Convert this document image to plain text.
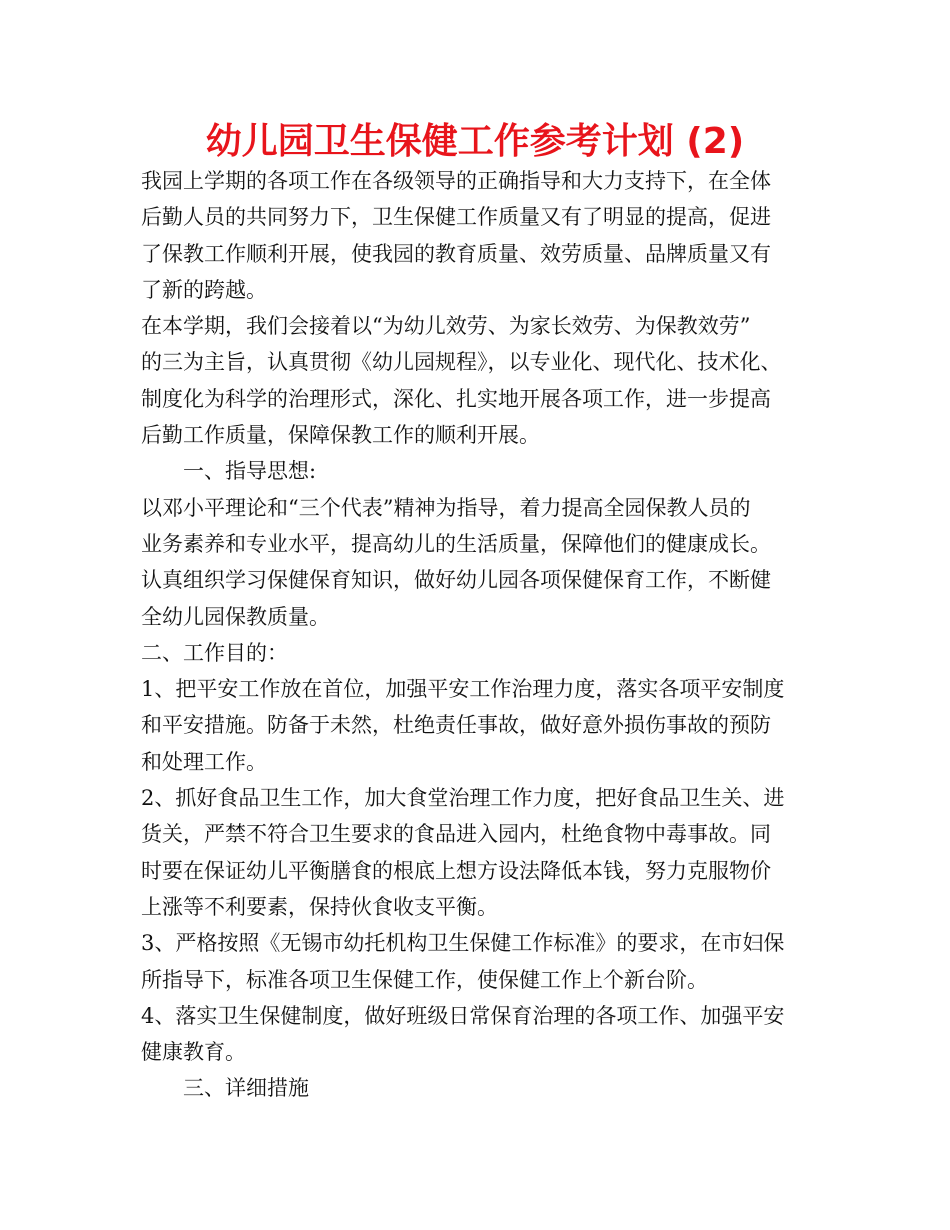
幼儿园卫生保健工作参考计划 (2)
我园上学期的各项工作在各级领导的正确指导和大力支持下，在全体
后勤人员的共同努力下，卫生保健工作质量又有了明显的提高，促进
了保教工作顺利开展，使我园的教育质量、效劳质量、品牌质量又有
了新的跨越。
在本学期，我们会接着以“为幼儿效劳、为家长效劳、为保教效劳”
的三为主旨，认真贯彻《幼儿园规程》，以专业化、现代化、技术化、
制度化为科学的治理形式，深化、扎实地开展各项工作，进一步提高
后勤工作质量，保障保教工作的顺利开展。
一、指导思想:
以邓小平理论和“三个代表”精神为指导，着力提高全园保教人员的
业务素养和专业水平，提高幼儿的生活质量，保障他们的健康成长。
认真组织学习保健保育知识，做好幼儿园各项保健保育工作，不断健
全幼儿园保教质量。
二、工作目的：
1、把平安工作放在首位，加强平安工作治理力度，落实各项平安制度
和平安措施。防备于未然，杜绝责任事故，做好意外损伤事故的预防
和处理工作。
2、抓好食品卫生工作，加大食堂治理工作力度，把好食品卫生关、进
货关，严禁不符合卫生要求的食品进入园内，杜绝食物中毒事故。同
时要在保证幼儿平衡膳食的根底上想方设法降低本钱，努力克服物价
上涨等不利要素，保持伙食收支平衡。
3、严格按照《无锡市幼托机构卫生保健工作标准》的要求，在市妇保
所指导下，标准各项卫生保健工作，使保健工作上个新台阶。
4、落实卫生保健制度，做好班级日常保育治理的各项工作、加强平安
健康教育。
三、详细措施
